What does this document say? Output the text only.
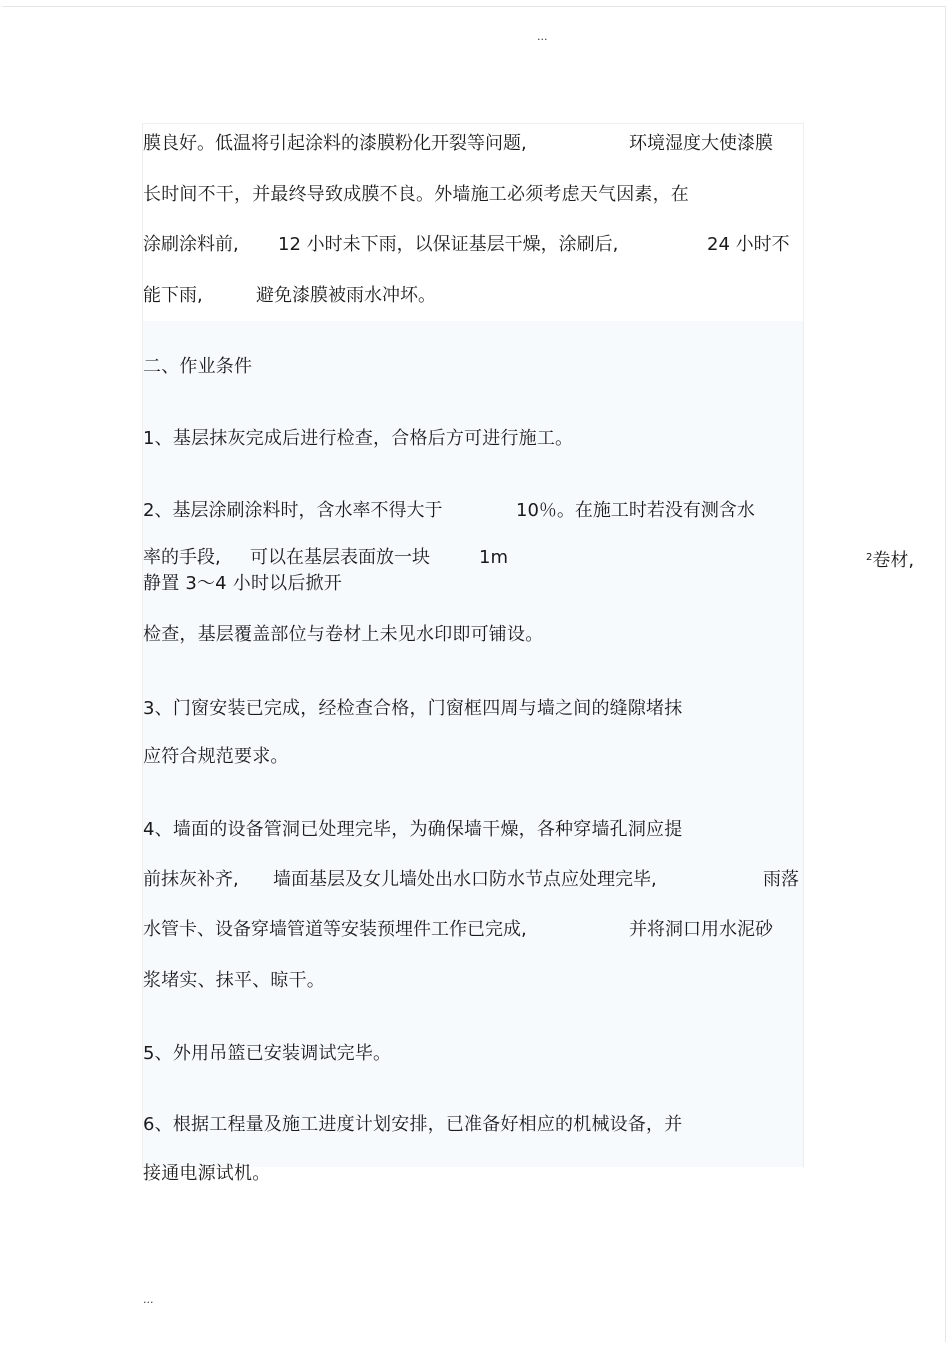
...
膜良好。低温将引起涂料的漆膜粉化开裂等问题,	环境湿度大使漆膜
长时间不干，并最终导致成膜不良。外墙施工必须考虑天气因素，在
涂刷涂料前, 12 小时未下雨，以保证基层干燥，涂刷后,	24 小时不
能下雨,	避免漆膜被雨水冲坏。
二、作业条件
1、基层抹灰完成后进行检查，合格后方可进行施工。
2、基层涂刷涂料时，含水率不得大于	10％。在施工时若没有测含水
率的手段, 可以在基层表面放一块	1m	$^2$卷材,
静置 3～4 小时以后掀开
检查，基层覆盖部位与卷材上未见水印即可铺设。
3、门窗安装已完成，经检查合格，门窗框四周与墙之间的缝隙堵抹
应符合规范要求。
4、墙面的设备管洞已处理完毕，为确保墙干燥，各种穿墙孔洞应提
前抹灰补齐, 墙面基层及女儿墙处出水口防水节点应处理完毕,	雨落
水管卡、设备穿墙管道等安装预埋件工作已完成,	并将洞口用水泥砂
浆堵实、抹平、晾干。
5、外用吊篮已安装调试完毕。
6、根据工程量及施工进度计划安排，已准备好相应的机械设备，并
接通电源试机。
...
